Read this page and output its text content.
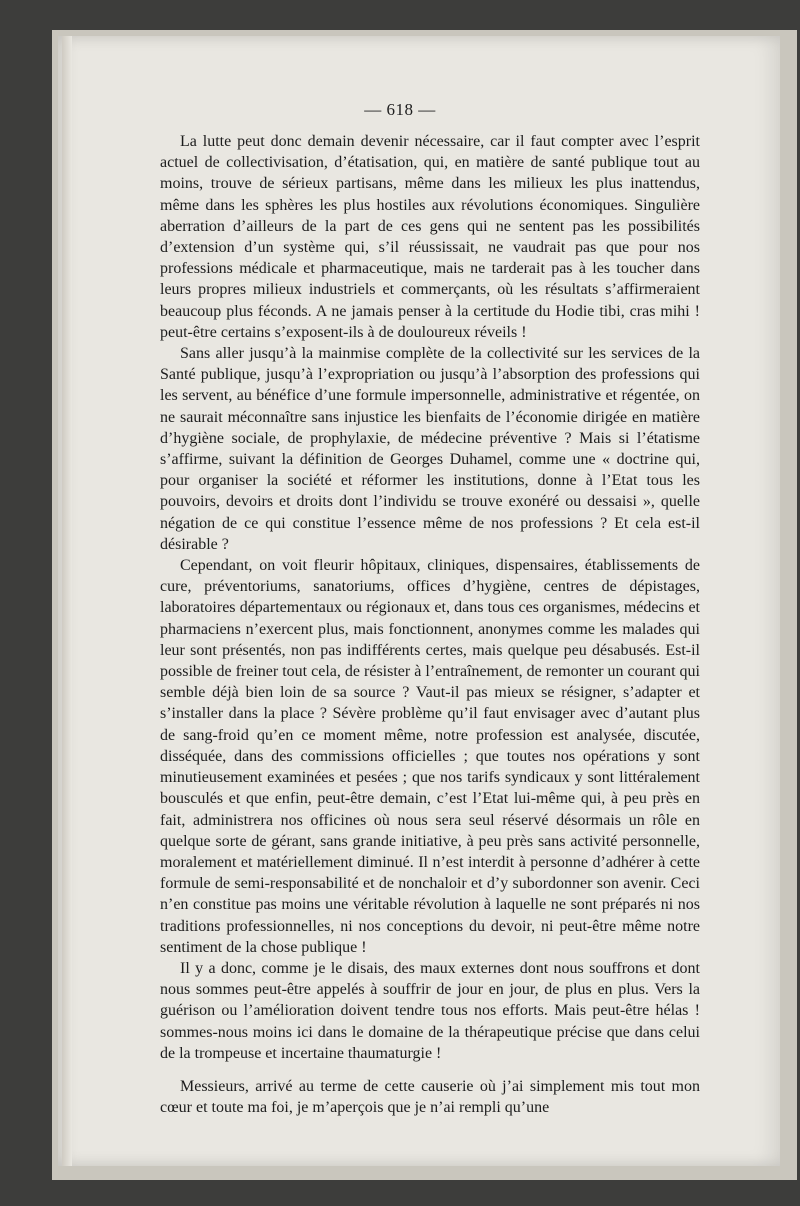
— 618 —

La lutte peut donc demain devenir nécessaire, car il faut compter avec l’esprit actuel de collectivisation, d’étatisation, qui, en matière de santé publique tout au moins, trouve de sérieux partisans, même dans les milieux les plus inattendus, même dans les sphères les plus hostiles aux révolutions économiques. Singulière aberration d’ailleurs de la part de ces gens qui ne sentent pas les possibilités d’extension d’un système qui, s’il réussissait, ne vaudrait pas que pour nos professions médicale et pharmaceutique, mais ne tarderait pas à les toucher dans leurs propres milieux industriels et commerçants, où les résultats s’affirmeraient beaucoup plus féconds. A ne jamais penser à la certitude du Hodie tibi, cras mihi ! peut-être certains s’exposent-ils à de douloureux réveils !

Sans aller jusqu’à la mainmise complète de la collectivité sur les services de la Santé publique, jusqu’à l’expropriation ou jusqu’à l’absorption des professions qui les servent, au bénéfice d’une formule impersonnelle, administrative et régentée, on ne saurait méconnaître sans injustice les bienfaits de l’économie dirigée en matière d’hygiène sociale, de prophylaxie, de médecine préventive ? Mais si l’étatisme s’affirme, suivant la définition de Georges Duhamel, comme une « doctrine qui, pour organiser la société et réformer les institutions, donne à l’Etat tous les pouvoirs, devoirs et droits dont l’individu se trouve exonéré ou dessaisi », quelle négation de ce qui constitue l’essence même de nos professions ? Et cela est-il désirable ?

Cependant, on voit fleurir hôpitaux, cliniques, dispensaires, établissements de cure, préventoriums, sanatoriums, offices d’hygiène, centres de dépistages, laboratoires départementaux ou régionaux et, dans tous ces organismes, médecins et pharmaciens n’exercent plus, mais fonctionnent, anonymes comme les malades qui leur sont présentés, non pas indifférents certes, mais quelque peu désabusés. Est-il possible de freiner tout cela, de résister à l’entraînement, de remonter un courant qui semble déjà bien loin de sa source ? Vaut-il pas mieux se résigner, s’adapter et s’installer dans la place ? Sévère problème qu’il faut envisager avec d’autant plus de sang-froid qu’en ce moment même, notre profession est analysée, discutée, disséquée, dans des commissions officielles ; que toutes nos opérations y sont minutieusement examinées et pesées ; que nos tarifs syndicaux y sont littéralement bousculés et que enfin, peut-être demain, c’est l’Etat lui-même qui, à peu près en fait, administrera nos officines où nous sera seul réservé désormais un rôle en quelque sorte de gérant, sans grande initiative, à peu près sans activité personnelle, moralement et matériellement diminué. Il n’est interdit à personne d’adhérer à cette formule de semi-responsabilité et de nonchaloir et d’y subordonner son avenir. Ceci n’en constitue pas moins une véritable révolution à laquelle ne sont préparés ni nos traditions professionnelles, ni nos conceptions du devoir, ni peut-être même notre sentiment de la chose publique !

Il y a donc, comme je le disais, des maux externes dont nous souffrons et dont nous sommes peut-être appelés à souffrir de jour en jour, de plus en plus. Vers la guérison ou l’amélioration doivent tendre tous nos efforts. Mais peut-être hélas ! sommes-nous moins ici dans le domaine de la thérapeutique précise que dans celui de la trompeuse et incertaine thaumaturgie !

Messieurs, arrivé au terme de cette causerie où j’ai simplement mis tout mon cœur et toute ma foi, je m’aperçois que je n’ai rempli qu’une
